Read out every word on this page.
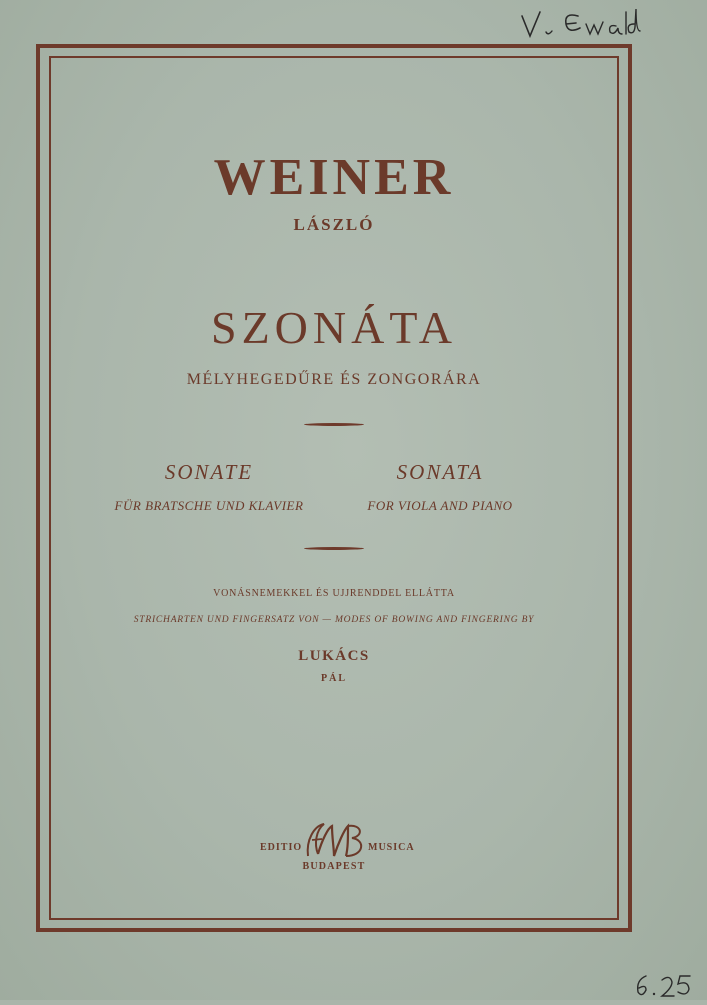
WEINER
LÁSZLÓ
SZONÁTA
MÉLYHEGEDŰRE ÉS ZONGORÁRA
SONATE	SONATA
FÜR BRATSCHE UND KLAVIER	FOR VIOLA AND PIANO
VONÁSNEMEKKEL ÉS UJJRENDDEL ELLÁTTA
STRICHARTEN UND FINGERSATZ VON — MODES OF BOWING AND FINGERING BY
LUKÁCS
PÁL
EDITIO	MUSICA
BUDAPEST
